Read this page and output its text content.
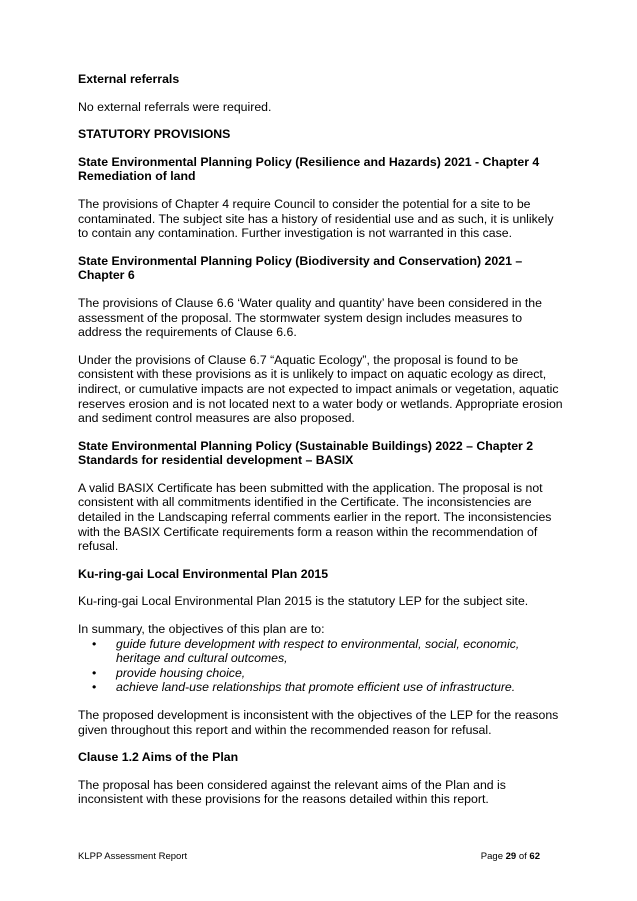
External referrals

No external referrals were required.

STATUTORY PROVISIONS
State Environmental Planning Policy (Resilience and Hazards) 2021 - Chapter 4 Remediation of land

The provisions of Chapter 4 require Council to consider the potential for a site to be contaminated. The subject site has a history of residential use and as such, it is unlikely to contain any contamination. Further investigation is not warranted in this case.

State Environmental Planning Policy (Biodiversity and Conservation) 2021 – Chapter 6

The provisions of Clause 6.6 ‘Water quality and quantity’ have been considered in the assessment of the proposal. The stormwater system design includes measures to address the requirements of Clause 6.6.

Under the provisions of Clause 6.7 “Aquatic Ecology”, the proposal is found to be consistent with these provisions as it is unlikely to impact on aquatic ecology as direct, indirect, or cumulative impacts are not expected to impact animals or vegetation, aquatic reserves erosion and is not located next to a water body or wetlands. Appropriate erosion and sediment control measures are also proposed.

State Environmental Planning Policy (Sustainable Buildings) 2022 – Chapter 2 Standards for residential development – BASIX

A valid BASIX Certificate has been submitted with the application. The proposal is not consistent with all commitments identified in the Certificate. The inconsistencies are detailed in the Landscaping referral comments earlier in the report. The inconsistencies with the BASIX Certificate requirements form a reason within the recommendation of refusal.

Ku-ring-gai Local Environmental Plan 2015

Ku-ring-gai Local Environmental Plan 2015 is the statutory LEP for the subject site.

In summary, the objectives of this plan are to:

• guide future development with respect to environmental, social, economic, heritage and cultural outcomes,
• provide housing choice,
• achieve land-use relationships that promote efficient use of infrastructure.

The proposed development is inconsistent with the objectives of the LEP for the reasons given throughout this report and within the recommended reason for refusal.

Clause 1.2 Aims of the Plan

The proposal has been considered against the relevant aims of the Plan and is inconsistent with these provisions for the reasons detailed within this report.

KLPP Assessment Report	Page 29 of 62
